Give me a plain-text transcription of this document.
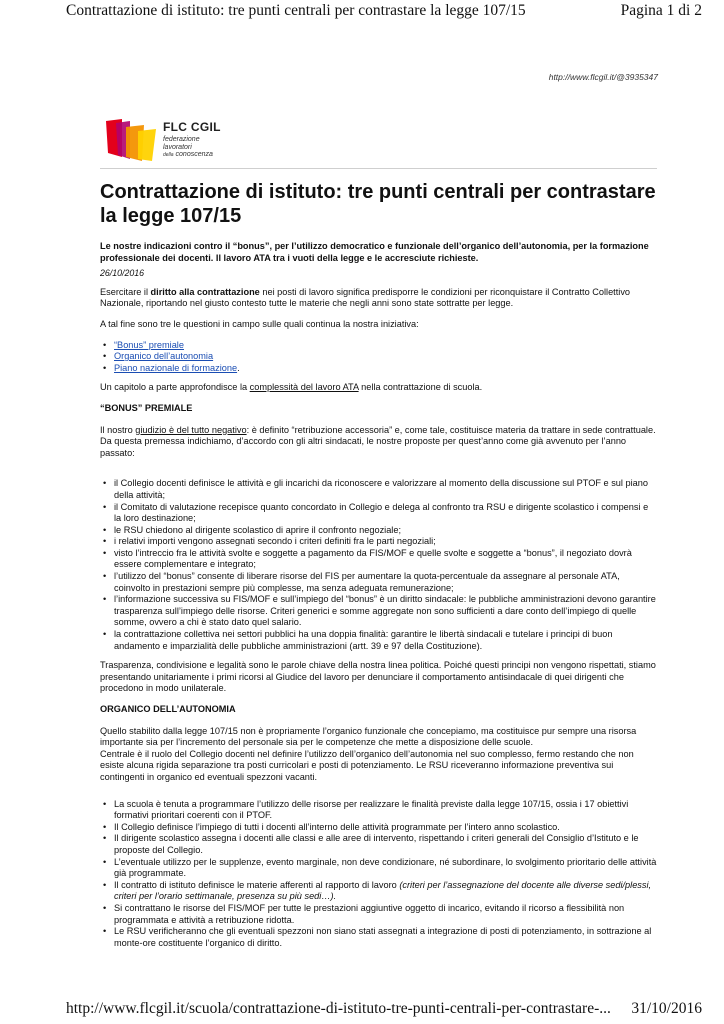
Contrattazione di istituto: tre punti centrali per contrastare la legge 107/15	Pagina 1 di 2
http://www.flcgil.it/@3935347
FLC CGIL
federazione
lavoratori
della conoscenza
Contrattazione di istituto: tre punti centrali per contrastare la legge 107/15

Le nostre indicazioni contro il “bonus”, per l’utilizzo democratico e funzionale dell’organico dell’autonomia, per la formazione professionale dei docenti. Il lavoro ATA tra i vuoti della legge e le accresciute richieste.

26/10/2016

Esercitare il diritto alla contrattazione nei posti di lavoro significa predisporre le condizioni per riconquistare il Contratto Collettivo Nazionale, riportando nel giusto contesto tutte le materie che negli anni sono state sottratte per legge.

A tal fine sono tre le questioni in campo sulle quali continua la nostra iniziativa:

• “Bonus” premiale
• Organico dell’autonomia
• Piano nazionale di formazione.

Un capitolo a parte approfondisce la complessità del lavoro ATA nella contrattazione di scuola.

“BONUS” PREMIALE

Il nostro giudizio è del tutto negativo: è definito “retribuzione accessoria” e, come tale, costituisce materia da trattare in sede contrattuale. Da questa premessa indichiamo, d’accordo con gli altri sindacati, le nostre proposte per quest’anno come già avvenuto per l’anno passato:

• il Collegio docenti definisce le attività e gli incarichi da riconoscere e valorizzare al momento della discussione sul PTOF e sul piano della attività;
• il Comitato di valutazione recepisce quanto concordato in Collegio e delega al confronto tra RSU e dirigente scolastico i compensi e la loro destinazione;
• le RSU chiedono al dirigente scolastico di aprire il confronto negoziale;
• i relativi importi vengono assegnati secondo i criteri definiti fra le parti negoziali;
• visto l’intreccio fra le attività svolte e soggette a pagamento da FIS/MOF e quelle svolte e soggette a “bonus”, il negoziato dovrà essere complementare e integrato;
• l’utilizzo del “bonus” consente di liberare risorse del FIS per aumentare la quota-percentuale da assegnare al personale ATA, coinvolto in prestazioni sempre più complesse, ma senza adeguata remunerazione;
• l’informazione successiva su FIS/MOF e sull’impiego del “bonus” è un diritto sindacale: le pubbliche amministrazioni devono garantire trasparenza sull’impiego delle risorse. Criteri generici e somme aggregate non sono sufficienti a dare conto dell’impiego di quelle somme, ovvero a chi è stato dato quel salario.
• la contrattazione collettiva nei settori pubblici ha una doppia finalità: garantire le libertà sindacali e tutelare i principi di buon andamento e imparzialità delle pubbliche amministrazioni (artt. 39 e 97 della Costituzione).

Trasparenza, condivisione e legalità sono le parole chiave della nostra linea politica. Poiché questi principi non vengono rispettati, stiamo presentando unitariamente i primi ricorsi al Giudice del lavoro per denunciare il comportamento antisindacale di quei dirigenti che procedono in modo unilaterale.

ORGANICO DELL’AUTONOMIA

Quello stabilito dalla legge 107/15 non è propriamente l’organico funzionale che concepiamo, ma costituisce pur sempre una risorsa importante sia per l’incremento del personale sia per le competenze che mette a disposizione delle scuole.

Centrale è il ruolo del Collegio docenti nel definire l’utilizzo dell’organico dell’autonomia nel suo complesso, fermo restando che non esiste alcuna rigida separazione tra posti curricolari e posti di potenziamento. Le RSU riceveranno informazione preventiva sui contingenti in organico ed eventuali spezzoni vacanti.

• La scuola è tenuta a programmare l’utilizzo delle risorse per realizzare le finalità previste dalla legge 107/15, ossia i 17 obiettivi formativi prioritari coerenti con il PTOF.
• Il Collegio definisce l’impiego di tutti i docenti all’interno delle attività programmate per l’intero anno scolastico.
• Il dirigente scolastico assegna i docenti alle classi e alle aree di intervento, rispettando i criteri generali del Consiglio d’Istituto e le proposte del Collegio.
• L’eventuale utilizzo per le supplenze, evento marginale, non deve condizionare, né subordinare, lo svolgimento prioritario delle attività già programmate.
• Il contratto di istituto definisce le materie afferenti al rapporto di lavoro (criteri per l’assegnazione del docente alle diverse sedi/plessi, criteri per l’orario settimanale, presenza su più sedi…).
• Si contrattano le risorse del FIS/MOF per tutte le prestazioni aggiuntive oggetto di incarico, evitando il ricorso a flessibilità non programmata e attività a retribuzione ridotta.
• Le RSU verificheranno che gli eventuali spezzoni non siano stati assegnati a integrazione di posti di potenziamento, in sottrazione al monte-ore costituente l’organico di diritto.
http://www.flcgil.it/scuola/contrattazione-di-istituto-tre-punti-centrali-per-contrastare-... 31/10/2016
